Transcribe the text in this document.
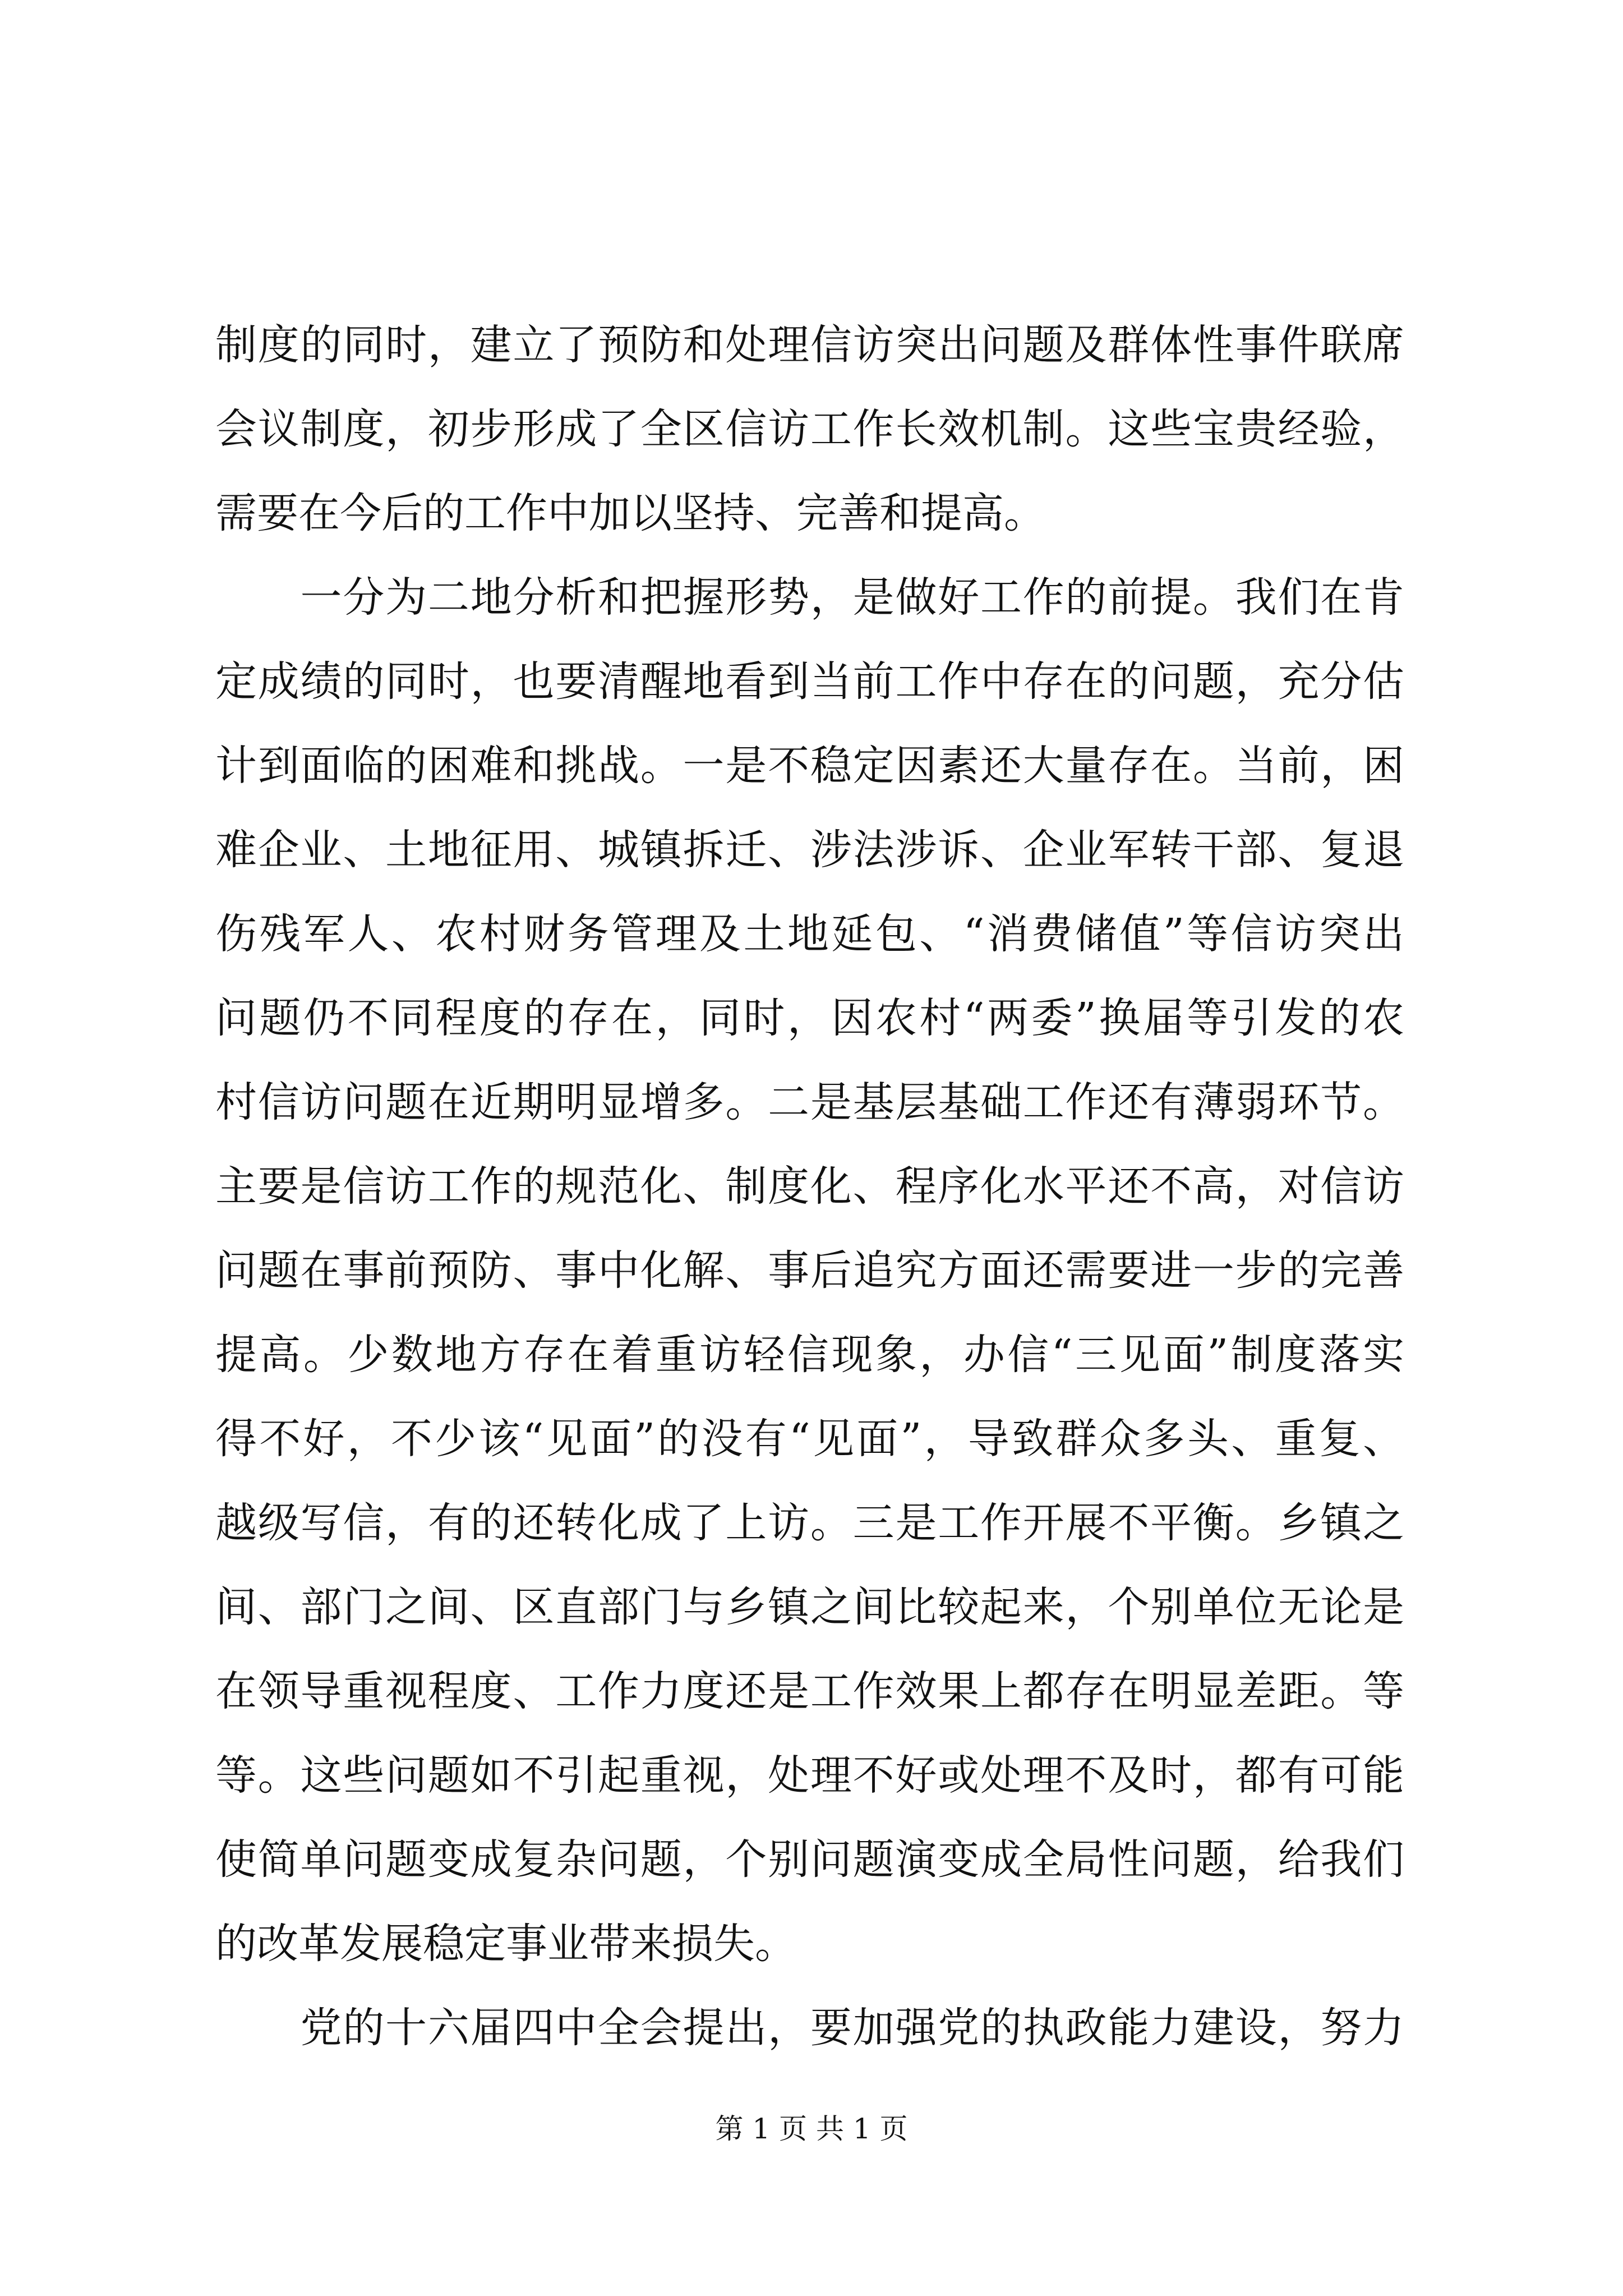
制度的同时，建立了预防和处理信访突出问题及群体性事件联席
会议制度，初步形成了全区信访工作长效机制。这些宝贵经验，
需要在今后的工作中加以坚持、完善和提高。
　　一分为二地分析和把握形势，是做好工作的前提。我们在肯
定成绩的同时，也要清醒地看到当前工作中存在的问题，充分估
计到面临的困难和挑战。一是不稳定因素还大量存在。当前，困
难企业、土地征用、城镇拆迁、涉法涉诉、企业军转干部、复退
伤残军人、农村财务管理及土地延包、“消费储值”等信访突出
问题仍不同程度的存在，同时，因农村“两委”换届等引发的农
村信访问题在近期明显增多。二是基层基础工作还有薄弱环节。
主要是信访工作的规范化、制度化、程序化水平还不高，对信访
问题在事前预防、事中化解、事后追究方面还需要进一步的完善
提高。少数地方存在着重访轻信现象，办信“三见面”制度落实
得不好，不少该“见面”的没有“见面”，导致群众多头、重复、
越级写信，有的还转化成了上访。三是工作开展不平衡。乡镇之
间、部门之间、区直部门与乡镇之间比较起来，个别单位无论是
在领导重视程度、工作力度还是工作效果上都存在明显差距。等
等。这些问题如不引起重视，处理不好或处理不及时，都有可能
使简单问题变成复杂问题，个别问题演变成全局性问题，给我们
的改革发展稳定事业带来损失。
　　党的十六届四中全会提出，要加强党的执政能力建设，努力
第 1 页 共 1 页
